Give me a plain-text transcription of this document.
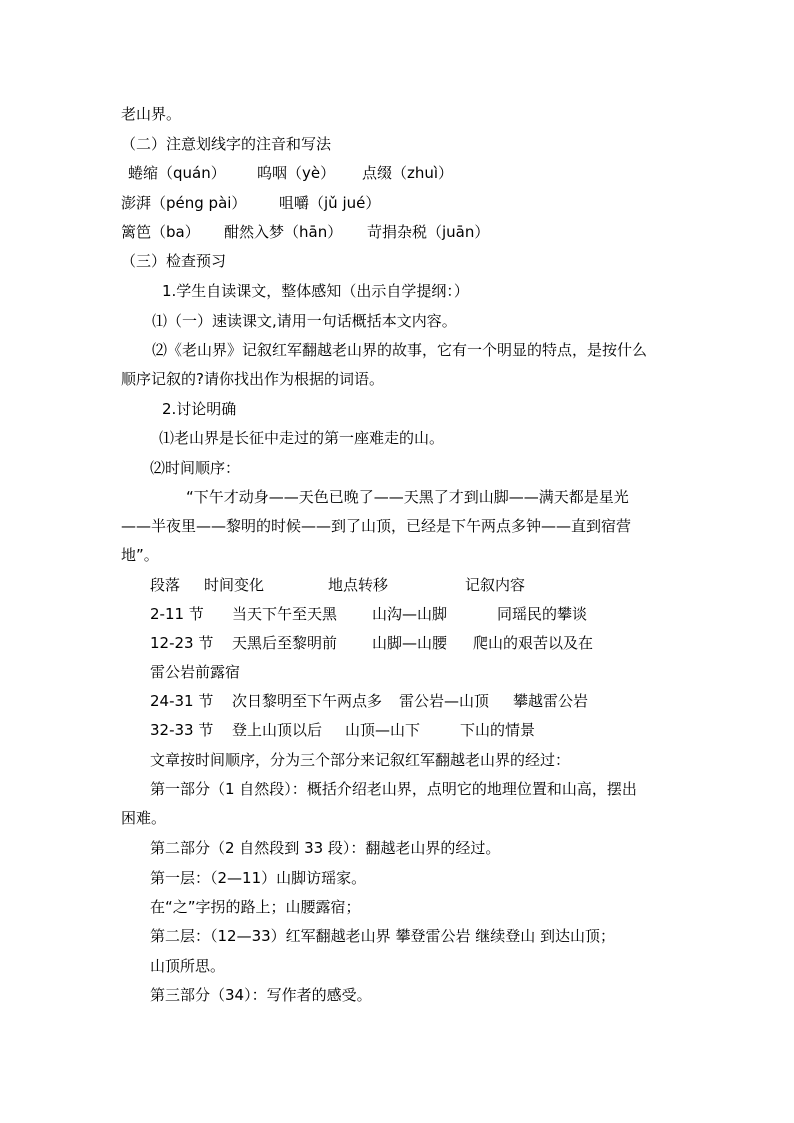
老山界。
（二）注意划线字的注音和写法
蜷缩（quán） 呜咽（yè） 点缀（zhuì）
澎湃（péng pài） 咀嚼（jǔ jué）
篱笆（ba） 酣然入梦（hān） 苛捐杂税（juān）
（三）检查预习
1.学生自读课文，整体感知（出示自学提纲：）
⑴（一）速读课文,请用一句话概括本文内容。
⑵《老山界》记叙红军翻越老山界的故事，它有一个明显的特点，是按什么
顺序记叙的?请你找出作为根据的词语。
2.讨论明确
⑴老山界是长征中走过的第一座难走的山。
⑵时间顺序：
“下午才动身——天色已晚了——天黑了才到山脚——满天都是星光
——半夜里——黎明的时候——到了山顶，已经是下午两点多钟——直到宿营
地”。
段落 时间变化	地点转移	记叙内容
2-11 节 当天下午至天黑 山沟—山脚	同瑶民的攀谈
12-23 节 天黑后至黎明前 山脚—山腰 爬山的艰苦以及在
雷公岩前露宿
24-31 节 次日黎明至下午两点多 雷公岩—山顶 攀越雷公岩
32-33 节 登上山顶以后 山顶—山下	下山的情景
文章按时间顺序，分为三个部分来记叙红军翻越老山界的经过：
第一部分（1 自然段）：概括介绍老山界，点明它的地理位置和山高，摆出
困难。
第二部分（2 自然段到 33 段）：翻越老山界的经过。
第一层：（2—11）山脚访瑶家。
在“之”字拐的路上；山腰露宿；
第二层：（12—33）红军翻越老山界 攀登雷公岩 继续登山 到达山顶；
山顶所思。
第三部分（34）：写作者的感受。
